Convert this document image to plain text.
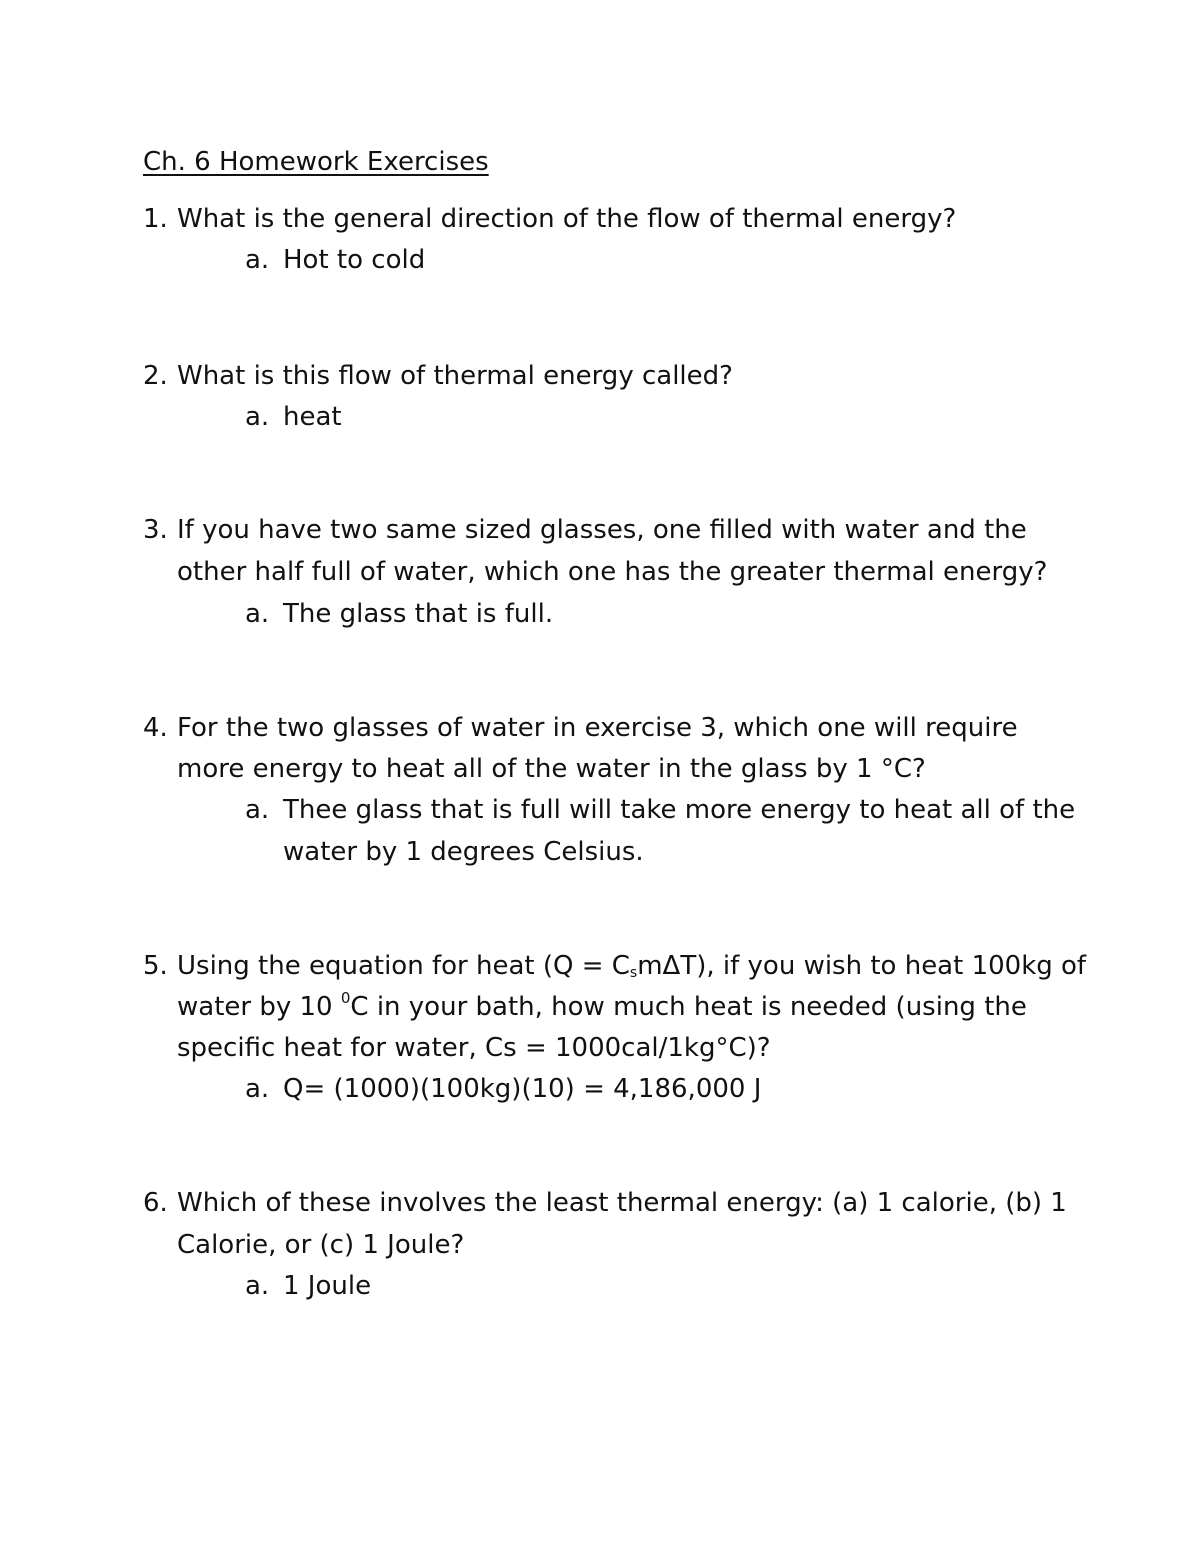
Ch. 6 Homework Exercises
1. What is the general direction of the flow of thermal energy?
a. Hot to cold
2. What is this flow of thermal energy called?
a. heat
3. If you have two same sized glasses, one filled with water and the
other half full of water, which one has the greater thermal energy?
a. The glass that is full.
4. For the two glasses of water in exercise 3, which one will require
more energy to heat all of the water in the glass by 1 °C?
a. Thee glass that is full will take more energy to heat all of the
water by 1 degrees Celsius.
5. Using the equation for heat $(Q = C_sm\Delta T)$, if you wish to heat 100kg of
water by 10 $^0$C in your bath, how much heat is needed (using the
specific heat for water, Cs = 1000cal/1kg°C)?
a. Q= (1000)(100kg)(10) = 4,186,000 J
6. Which of these involves the least thermal energy: (a) 1 calorie, (b) 1
Calorie, or (c) 1 Joule?
a. 1 Joule
